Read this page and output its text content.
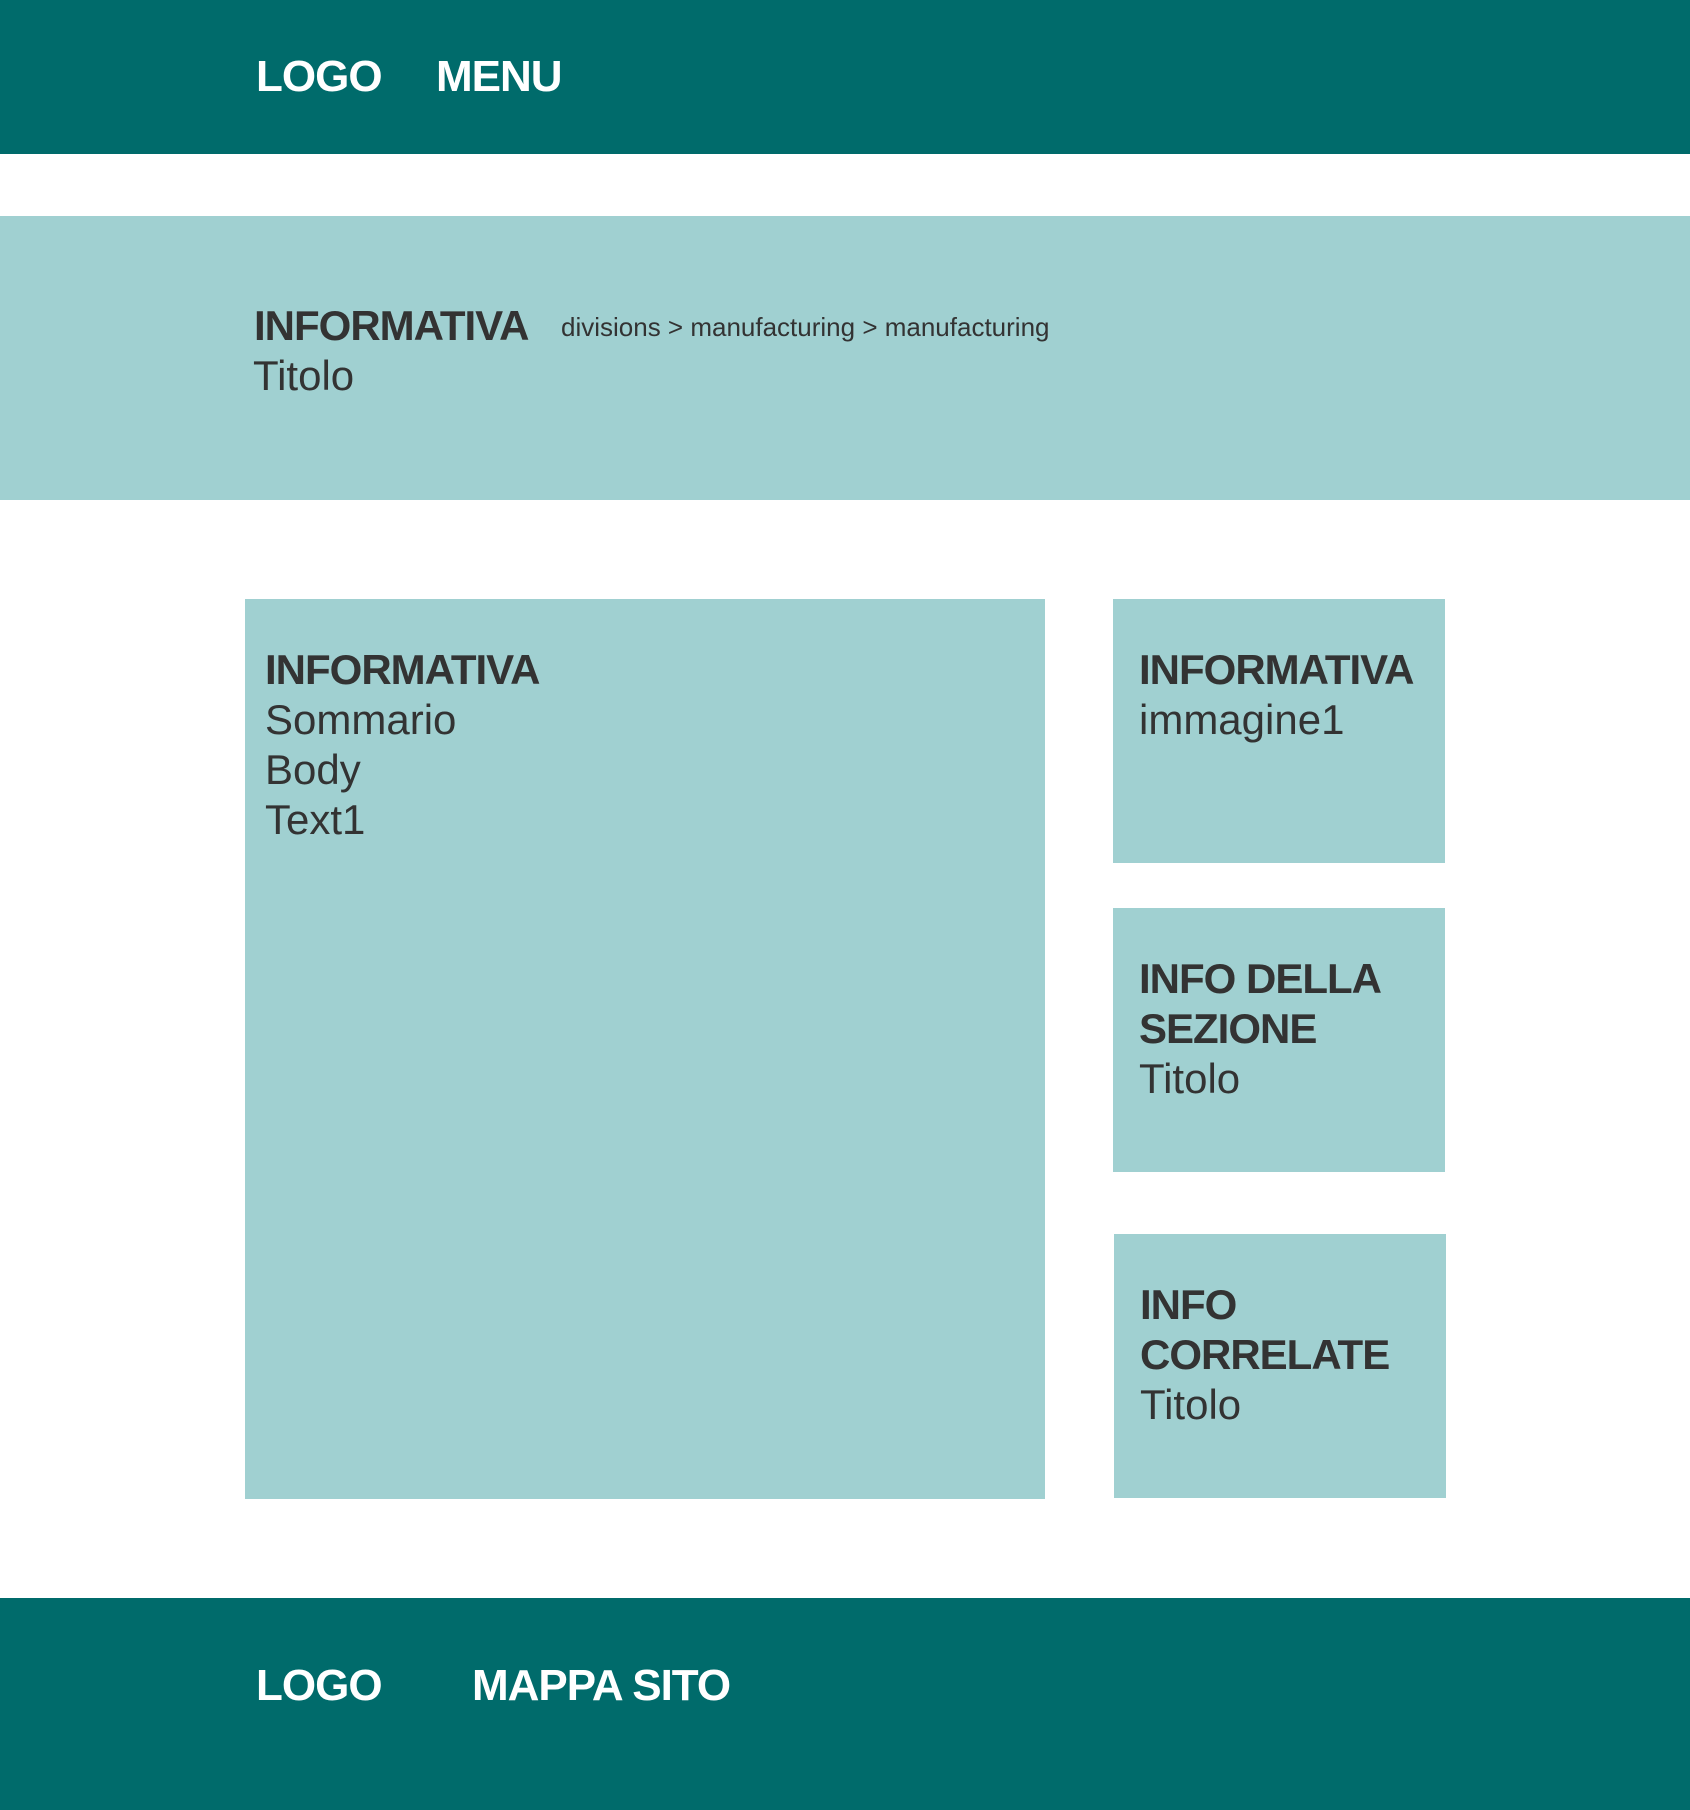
LOGO MENU
INFORMATIVA divisions > manufacturing > manufacturing
Titolo

INFORMATIVA

Sommario

Body

Text1

INFORMATIVA

immagine1

INFO DELLA

SEZIONE

Titolo

INFO

CORRELATE

Titolo

LOGO MAPPA SITO
